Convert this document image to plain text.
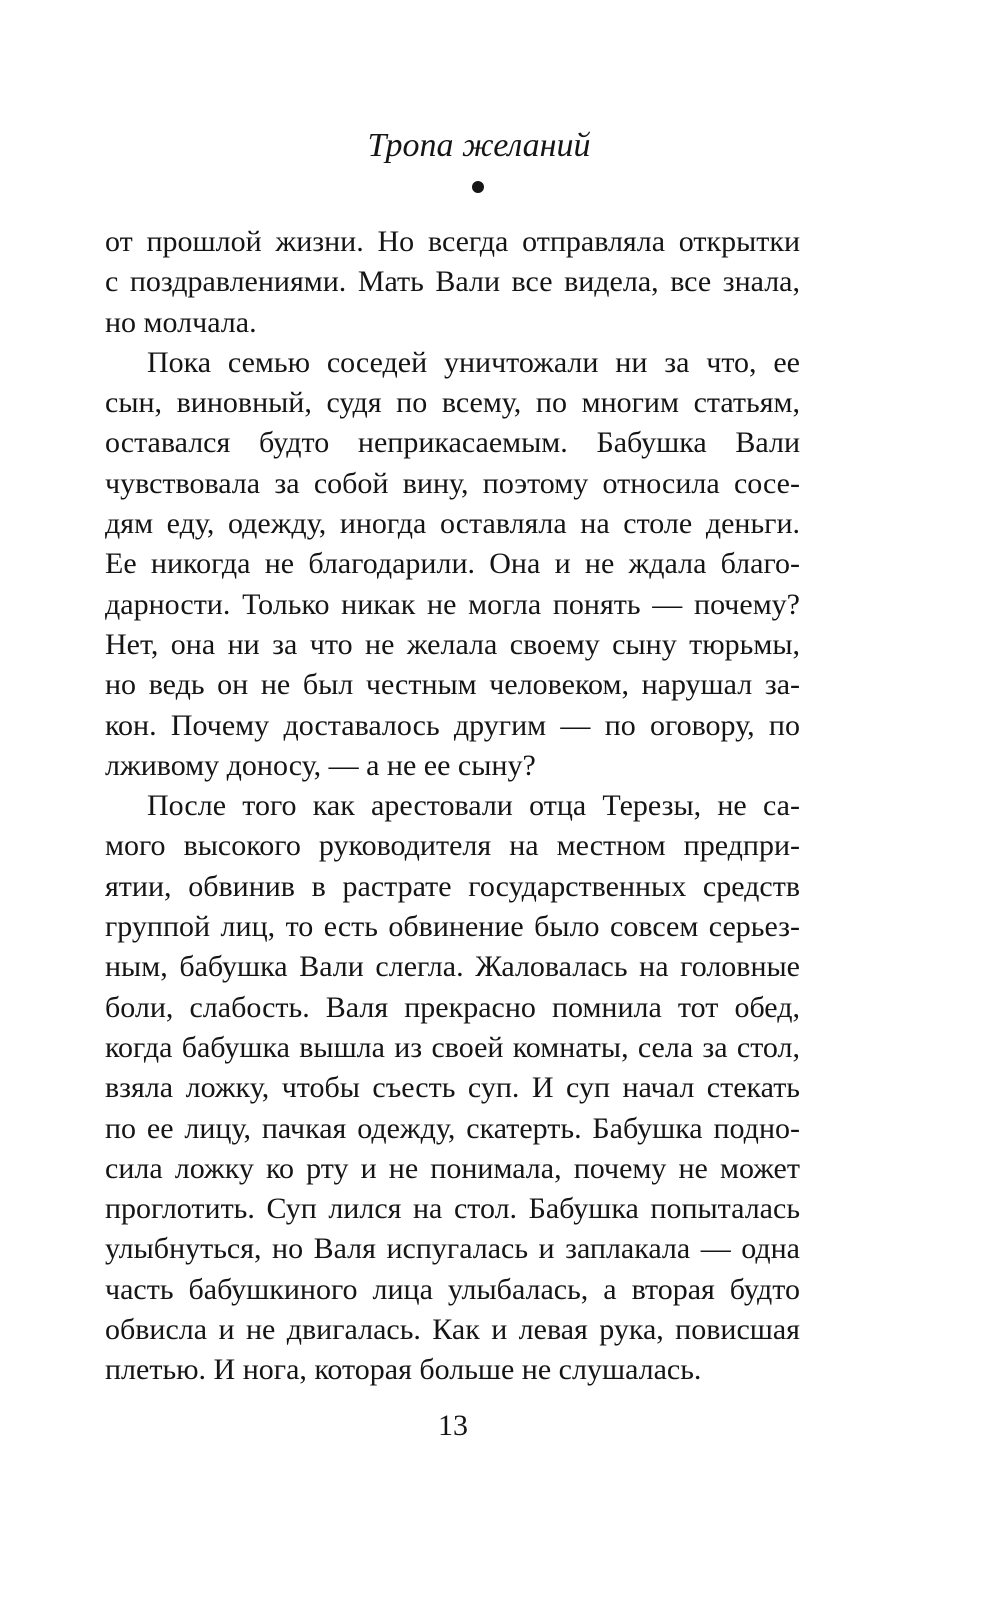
Тропа желаний
от прошлой жизни. Но всегда отправляла открытки
с поздравлениями. Мать Вали все видела, все знала,
но молчала.
Пока семью соседей уничтожали ни за что, ее
сын, виновный, судя по всему, по многим статьям,
оставался будто неприкасаемым. Бабушка Вали
чувствовала за собой вину, поэтому относила сосе-
дям еду, одежду, иногда оставляла на столе деньги.
Ее никогда не благодарили. Она и не ждала благо-
дарности. Только никак не могла понять — почему?
Нет, она ни за что не желала своему сыну тюрьмы,
но ведь он не был честным человеком, нарушал за-
кон. Почему доставалось другим — по оговору, по
лживому доносу, — а не ее сыну?
После того как арестовали отца Терезы, не са-
мого высокого руководителя на местном предпри-
ятии, обвинив в растрате государственных средств
группой лиц, то есть обвинение было совсем серьез-
ным, бабушка Вали слегла. Жаловалась на головные
боли, слабость. Валя прекрасно помнила тот обед,
когда бабушка вышла из своей комнаты, села за стол,
взяла ложку, чтобы съесть суп. И суп начал стекать
по ее лицу, пачкая одежду, скатерть. Бабушка подно-
сила ложку ко рту и не понимала, почему не может
проглотить. Суп лился на стол. Бабушка попыталась
улыбнуться, но Валя испугалась и заплакала — одна
часть бабушкиного лица улыбалась, а вторая будто
обвисла и не двигалась. Как и левая рука, повисшая
плетью. И нога, которая больше не слушалась.
13
